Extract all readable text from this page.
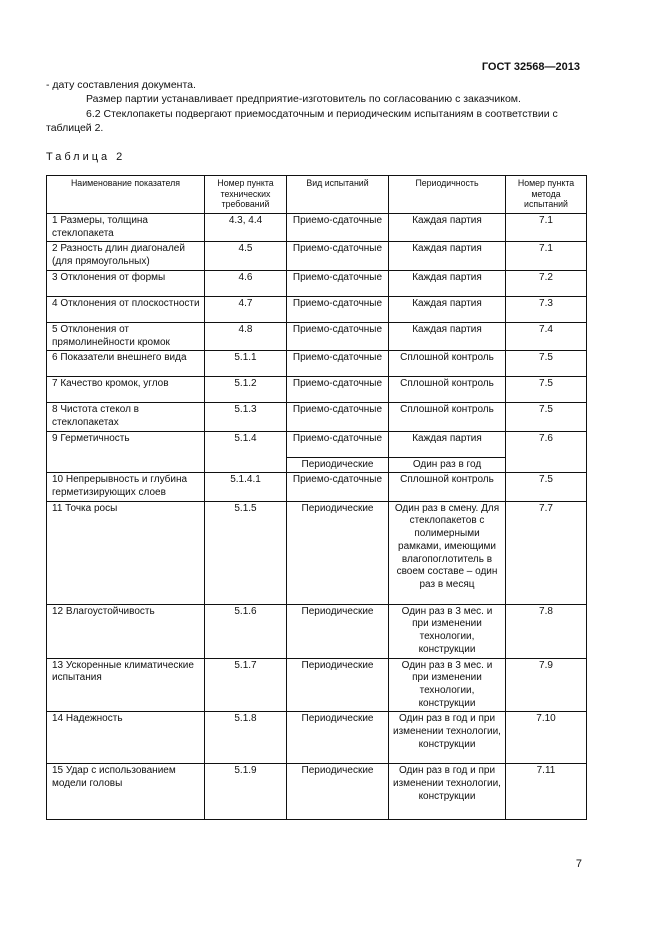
ГОСТ 32568—2013

- дату составления документа.

Размер партии устанавливает предприятие-изготовитель по согласованию с заказчиком.

6.2 Стеклопакеты подвергают приемосдаточным и периодическим испытаниям в соответствии с таблицей 2.

Таблица 2
Наименование показателя	Номер пункта технических требований	Вид испытаний	Периодичность	Номер пункта метода испытаний
1 Размеры, толщина стеклопакета	4.3, 4.4	Приемо-сдаточные	Каждая партия	7.1
2 Разность длин диагоналей (для прямоугольных)	4.5	Приемо-сдаточные	Каждая партия	7.1
3 Отклонения от формы	4.6	Приемо-сдаточные	Каждая партия	7.2
4 Отклонения от плоскостности	4.7	Приемо-сдаточные	Каждая партия	7.3
5 Отклонения от прямолинейности кромок	4.8	Приемо-сдаточные	Каждая партия	7.4
6 Показатели внешнего вида	5.1.1	Приемо-сдаточные	Сплошной контроль	7.5
7 Качество кромок, углов	5.1.2	Приемо-сдаточные	Сплошной контроль	7.5
8 Чистота стекол в стеклопакетах	5.1.3	Приемо-сдаточные	Сплошной контроль	7.5
9 Герметичность	5.1.4	Приемо-сдаточные	Каждая партия	7.6
		Периодические	Один раз в год	
10 Непрерывность и глубина герметизирующих слоев	5.1.4.1	Приемо-сдаточные	Сплошной контроль	7.5
11 Точка росы	5.1.5	Периодические	Один раз в смену. Для стеклопакетов с полимерными рамками, имеющими влагопоглотитель в своем составе – один раз в месяц	7.7
12 Влагоустойчивость	5.1.6	Периодические	Один раз в 3 мес. и при изменении технологии, конструкции	7.8
13 Ускоренные климатические испытания	5.1.7	Периодические	Один раз в 3 мес. и при изменении технологии, конструкции	7.9
14 Надежность	5.1.8	Периодические	Один раз в год и при изменении технологии, конструкции	7.10
15 Удар с использованием модели головы	5.1.9	Периодические	Один раз в год и при изменении технологии, конструкции	7.11
7
